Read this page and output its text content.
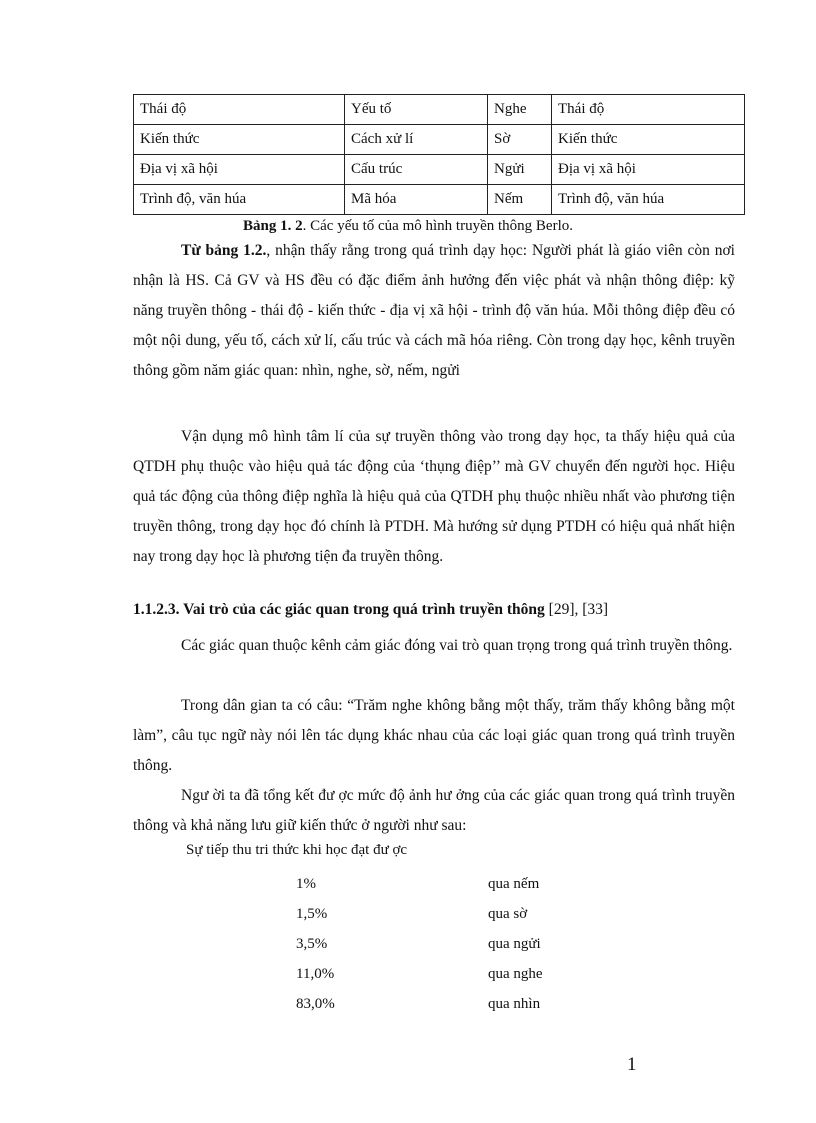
Thái độ	Yếu tố	Nghe	Thái độ
Kiến thức	Cách xử lí	Sờ	Kiến thức
Địa vị xã hội	Cấu trúc	Ngửi	Địa vị xã hội
Trình độ, văn húa	Mã hóa	Nếm	Trình độ, văn húa
Bảng 1. 2. Các yếu tố của mô hình truyền thông Berlo.

Từ bảng 1.2., nhận thấy rằng trong quá trình dạy học: Người phát là giáo viên còn nơi nhận là HS. Cả GV và HS đều có đặc điểm ảnh hưởng đến việc phát và nhận thông điệp: kỹ năng truyền thông - thái độ - kiến thức - địa vị xã hội - trình độ văn húa. Mỗi thông điệp đều có một nội dung, yếu tố, cách xử lí, cấu trúc và cách mã hóa riêng. Còn trong dạy học, kênh truyền thông gồm năm giác quan: nhìn, nghe, sờ, nếm, ngửi

Vận dụng mô hình tâm lí của sự truyền thông vào trong dạy học, ta thấy hiệu quả của QTDH phụ thuộc vào hiệu quả tác động của ‘thụng điệp’’ mà GV chuyển đến người học. Hiệu quả tác động của thông điệp nghĩa là hiệu quả của QTDH phụ thuộc nhiều nhất vào phương tiện truyền thông, trong dạy học đó chính là PTDH. Mà hướng sử dụng PTDH có hiệu quả nhất hiện nay trong dạy học là phương tiện đa truyền thông.

1.1.2.3. Vai trò của các giác quan trong quá trình truyền thông [29], [33]

Các giác quan thuộc kênh cảm giác đóng vai trò quan trọng trong quá trình truyền thông.

Trong dân gian ta có câu: “Trăm nghe không bằng một thấy, trăm thấy không bằng một làm”, câu tục ngữ này nói lên tác dụng khác nhau của các loại giác quan trong quá trình truyền thông.

Ngư ời ta đã tổng kết đư ợc mức độ ảnh hư ởng của các giác quan trong quá trình truyền thông và khả năng lưu giữ kiến thức ở người như sau:

Sự tiếp thu tri thức khi học đạt đư ợc
1%	qua nếm
1,5%	qua sờ
3,5%	qua ngửi
11,0%	qua nghe
83,0%	qua nhìn
1
